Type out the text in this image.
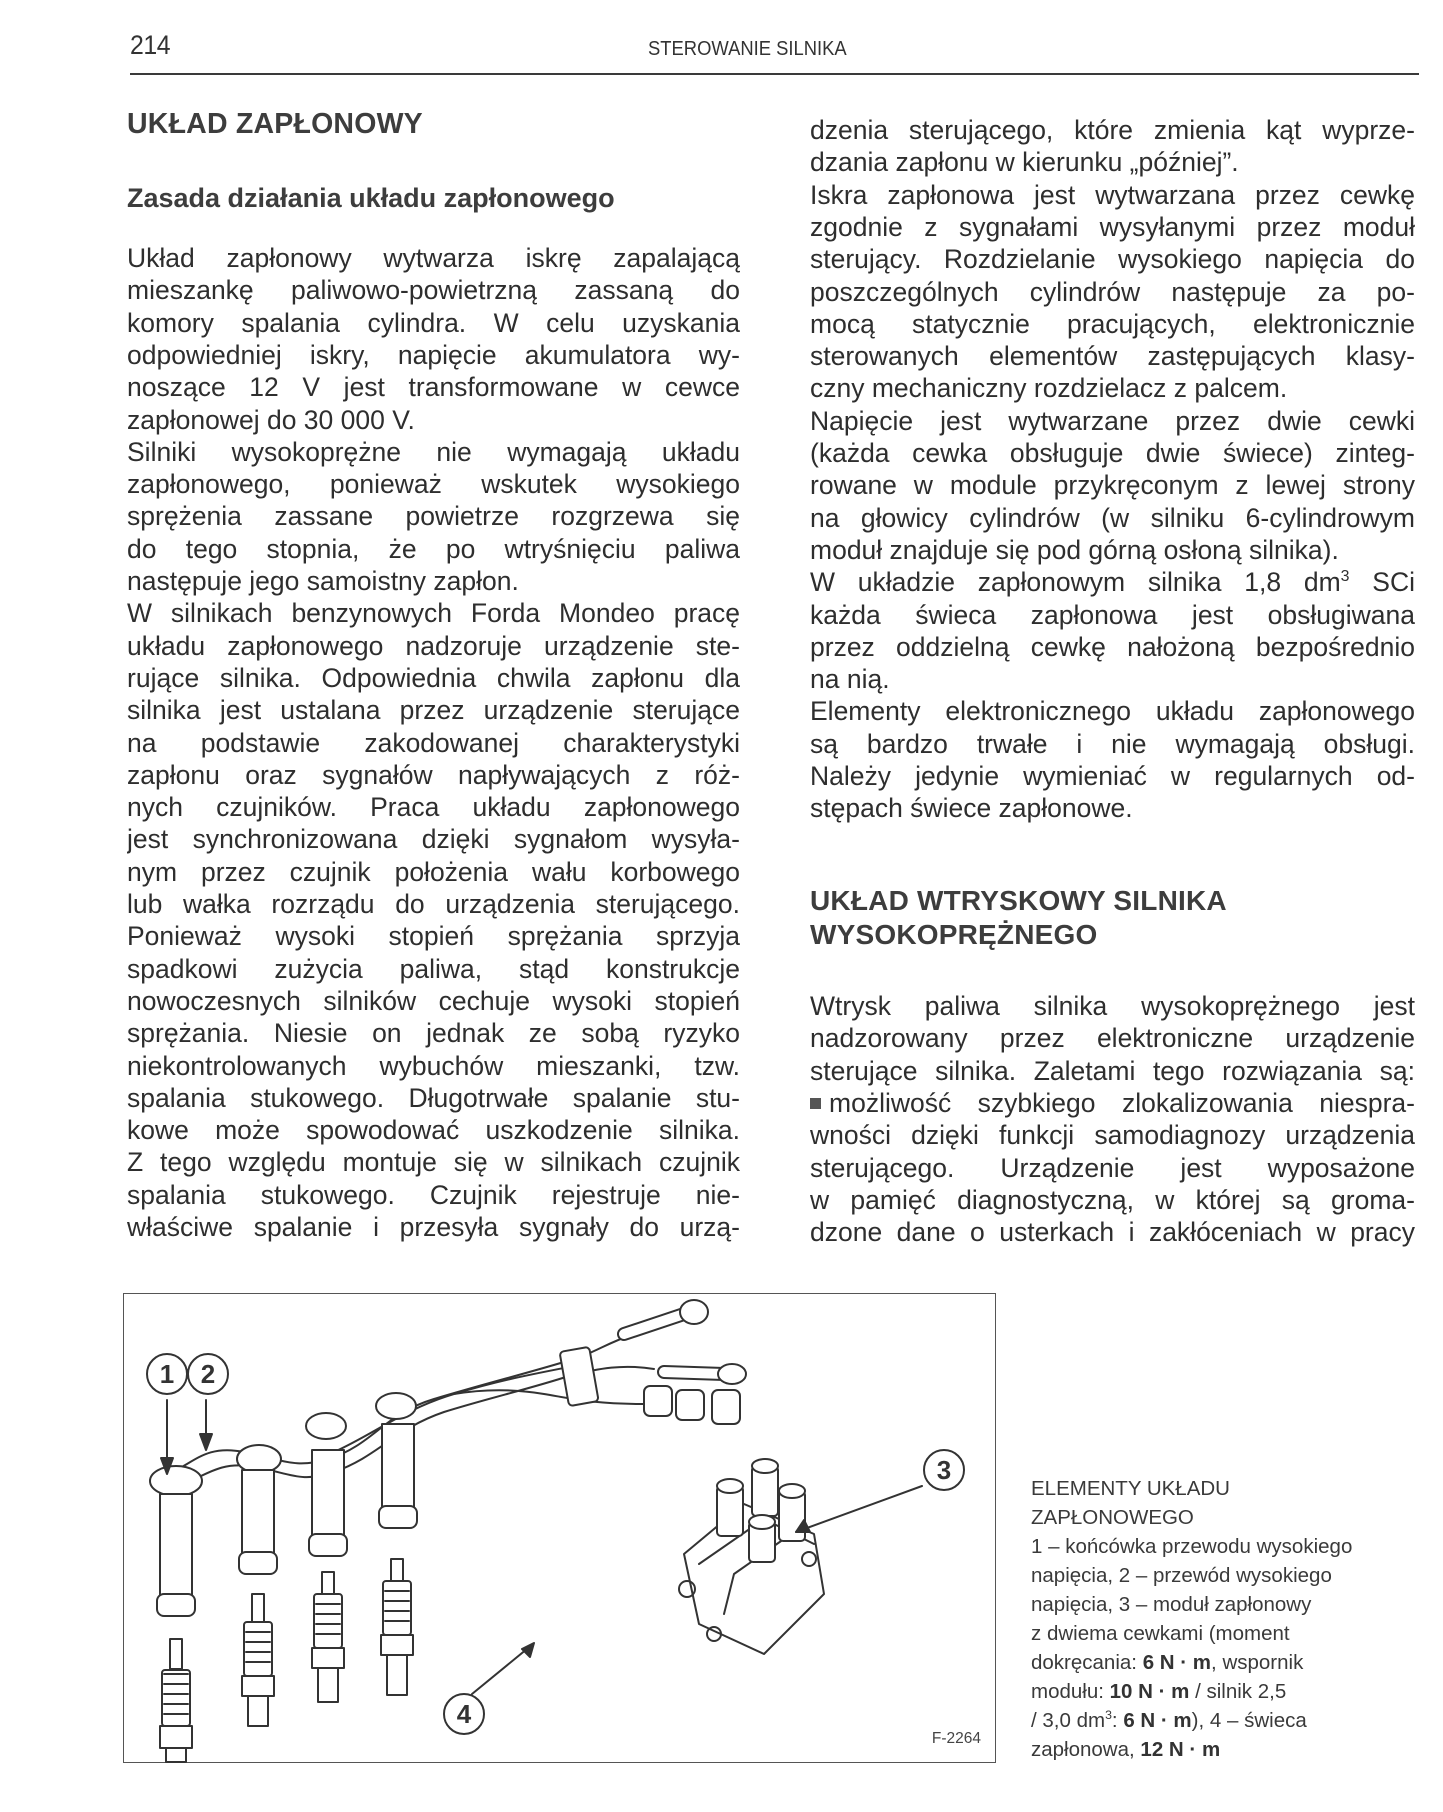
214	STEROWANIE SILNIKA
UKŁAD ZAPŁONOWY
Zasada działania układu zapłonowego
Układ zapłonowy wytwarza iskrę zapalającą
mieszankę paliwowo-powietrzną zassaną do
komory spalania cylindra. W celu uzyskania
odpowiedniej iskry, napięcie akumulatora wy-
noszące 12 V jest transformowane w cewce
zapłonowej do 30 000 V.
Silniki wysokoprężne nie wymagają układu
zapłonowego, ponieważ wskutek wysokiego
sprężenia zassane powietrze rozgrzewa się
do tego stopnia, że po wtryśnięciu paliwa
następuje jego samoistny zapłon.
W silnikach benzynowych Forda Mondeo pracę
układu zapłonowego nadzoruje urządzenie ste-
rujące silnika. Odpowiednia chwila zapłonu dla
silnika jest ustalana przez urządzenie sterujące
na podstawie zakodowanej charakterystyki
zapłonu oraz sygnałów napływających z róż-
nych czujników. Praca układu zapłonowego
jest synchronizowana dzięki sygnałom wysyła-
nym przez czujnik położenia wału korbowego
lub wałka rozrządu do urządzenia sterującego.
Ponieważ wysoki stopień sprężania sprzyja
spadkowi zużycia paliwa, stąd konstrukcje
nowoczesnych silników cechuje wysoki stopień
sprężania. Niesie on jednak ze sobą ryzyko
niekontrolowanych wybuchów mieszanki, tzw.
spalania stukowego. Długotrwałe spalanie stu-
kowe może spowodować uszkodzenie silnika.
Z tego względu montuje się w silnikach czujnik
spalania stukowego. Czujnik rejestruje nie-
właściwe spalanie i przesyła sygnały do urzą-
dzenia sterującego, które zmienia kąt wyprze-
dzania zapłonu w kierunku „później”.
Iskra zapłonowa jest wytwarzana przez cewkę
zgodnie z sygnałami wysyłanymi przez moduł
sterujący. Rozdzielanie wysokiego napięcia do
poszczególnych cylindrów następuje za po-
mocą statycznie pracujących, elektronicznie
sterowanych elementów zastępujących klasy-
czny mechaniczny rozdzielacz z palcem.
Napięcie jest wytwarzane przez dwie cewki
(każda cewka obsługuje dwie świece) zinteg-
rowane w module przykręconym z lewej strony
na głowicy cylindrów (w silniku 6-cylindrowym
moduł znajduje się pod górną osłoną silnika).
W układzie zapłonowym silnika 1,8 $dm^3$ SCi
każda świeca zapłonowa jest obsługiwana
przez oddzielną cewkę nałożoną bezpośrednio
na nią.
Elementy elektronicznego układu zapłonowego
są bardzo trwałe i nie wymagają obsługi.
Należy jedynie wymieniać w regularnych od-
stępach świece zapłonowe.
UKŁAD WTRYSKOWY SILNIKA
WYSOKOPRĘŻNEGO
Wtrysk paliwa silnika wysokoprężnego jest
nadzorowany przez elektroniczne urządzenie
sterujące silnika. Zaletami tego rozwiązania są:
możliwość szybkiego zlokalizowania niespra-
wności dzięki funkcji samodiagnozy urządzenia
sterującego. Urządzenie jest wyposażone
w pamięć diagnostyczną, w której są groma-
dzone dane o usterkach i zakłóceniach w pracy
1 2
3
4
F-2264
ELEMENTY UKŁADU
ZAPŁONOWEGO
1 – końcówka przewodu wysokiego
napięcia, 2 – przewód wysokiego
napięcia, 3 – moduł zapłonowy
z dwiema cewkami (moment
dokręcania: 6 N · m, wspornik
modułu: 10 N · m / silnik 2,5
/ 3,0 $dm^3$: 6 N · m), 4 – świeca
zapłonowa, 12 N · m
